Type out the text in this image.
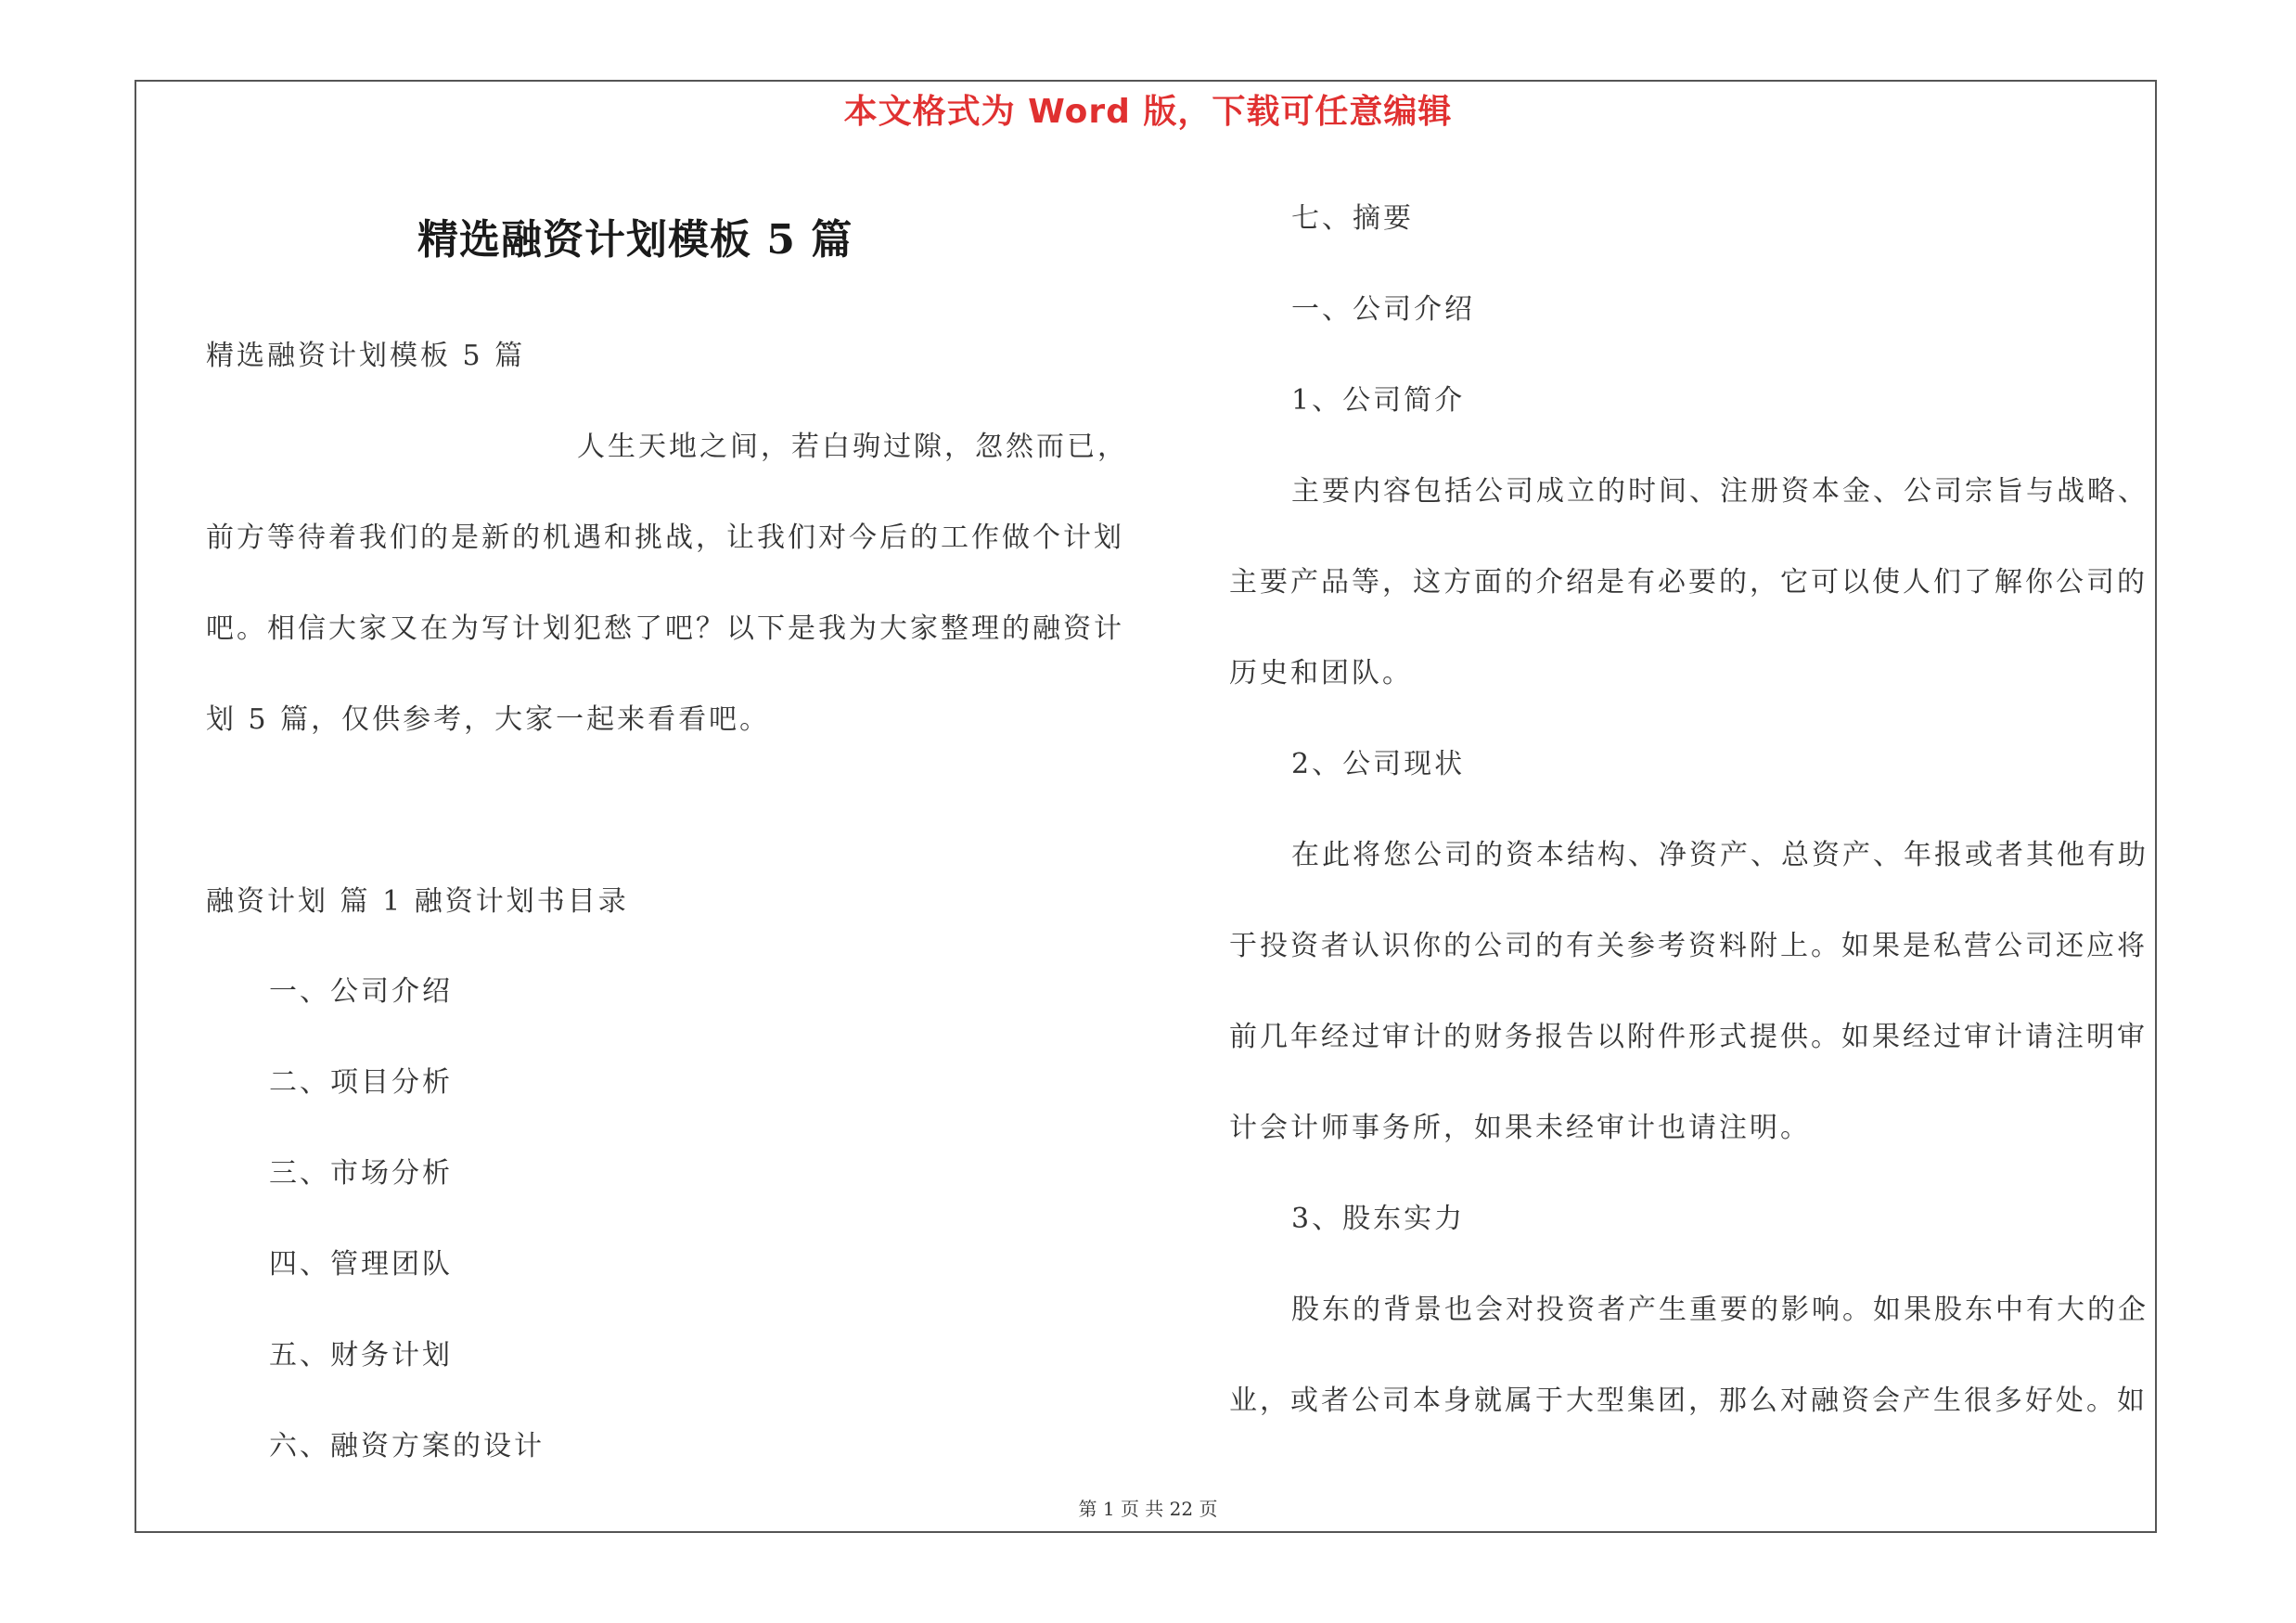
本文格式为 Word 版，下载可任意编辑
精选融资计划模板 5 篇
精选融资计划模板 5 篇
人生天地之间，若白驹过隙，忽然而已，
前方等待着我们的是新的机遇和挑战，让我们对今后的工作做个计划
吧。相信大家又在为写计划犯愁了吧？以下是我为大家整理的融资计
划 5 篇，仅供参考，大家一起来看看吧。
融资计划 篇 1 融资计划书目录
一、公司介绍
二、项目分析
三、市场分析
四、管理团队
五、财务计划
六、融资方案的设计
七、摘要
一、公司介绍
1、公司简介
主要内容包括公司成立的时间、注册资本金、公司宗旨与战略、
主要产品等，这方面的介绍是有必要的，它可以使人们了解你公司的
历史和团队。
2、公司现状
在此将您公司的资本结构、净资产、总资产、年报或者其他有助
于投资者认识你的公司的有关参考资料附上。如果是私营公司还应将
前几年经过审计的财务报告以附件形式提供。如果经过审计请注明审
计会计师事务所，如果未经审计也请注明。
3、股东实力
股东的背景也会对投资者产生重要的影响。如果股东中有大的企
业，或者公司本身就属于大型集团，那么对融资会产生很多好处。如
第 1 页 共 22 页
